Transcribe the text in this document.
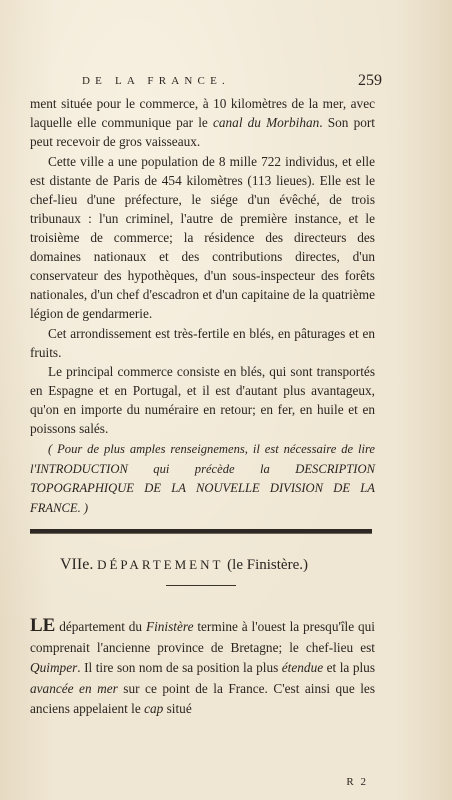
DE LA FRANCE.	259

ment située pour le commerce, à 10 kilomètres de la mer, avec laquelle elle communique par le canal du Morbihan. Son port peut recevoir de gros vaisseaux.

Cette ville a une population de 8 mille 722 individus, et elle est distante de Paris de 454 kilomètres (113 lieues). Elle est le chef-lieu d'une préfecture, le siége d'un évêché, de trois tribunaux : l'un criminel, l'autre de première instance, et le troisième de commerce; la résidence des directeurs des domaines nationaux et des contributions directes, d'un conservateur des hypothèques, d'un sous-inspecteur des forêts nationales, d'un chef d'escadron et d'un capitaine de la quatrième légion de gendarmerie.

Cet arrondissement est très-fertile en blés, en pâturages et en fruits.

Le principal commerce consiste en blés, qui sont transportés en Espagne et en Portugal, et il est d'autant plus avantageux, qu'on en importe du numéraire en retour; en fer, en huile et en poissons salés.

( Pour de plus amples renseignemens, il est nécessaire de lire l'INTRODUCTION qui précède la DESCRIPTION TOPOGRAPHIQUE DE LA NOUVELLE DIVISION DE LA FRANCE. )

VIIe. DÉPARTEMENT (le Finistère.)

LE département du Finistère termine à l'ouest la presqu'île qui comprenait l'ancienne province de Bretagne; le chef-lieu est Quimper. Il tire son nom de sa position la plus étendue et la plus avancée en mer sur ce point de la France. C'est ainsi que les anciens appelaient le cap situé

R 2
